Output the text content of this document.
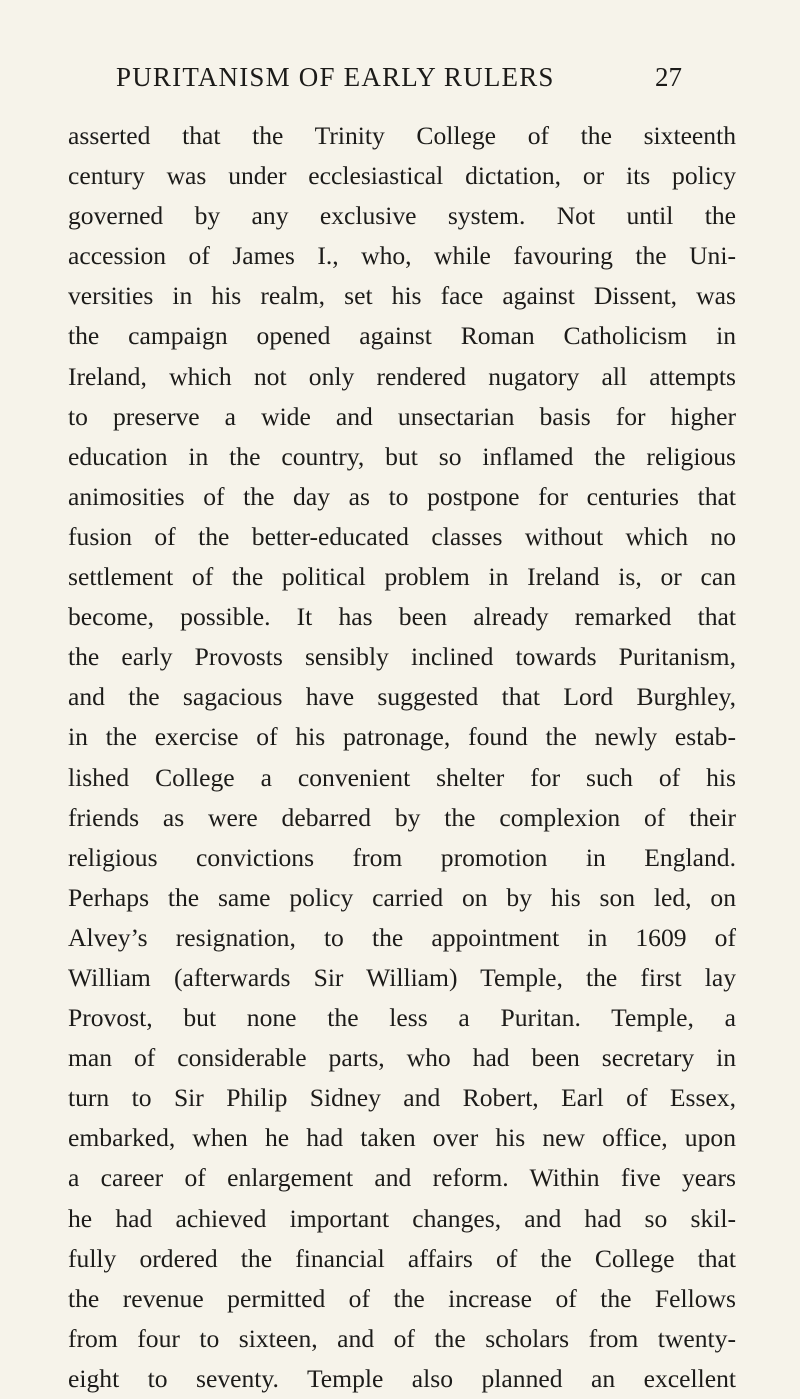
PURITANISM OF EARLY RULERS	27
asserted that the Trinity College of the sixteenth
century was under ecclesiastical dictation, or its policy
governed by any exclusive system. Not until the
accession of James I., who, while favouring the Uni-
versities in his realm, set his face against Dissent, was
the campaign opened against Roman Catholicism in
Ireland, which not only rendered nugatory all attempts
to preserve a wide and unsectarian basis for higher
education in the country, but so inflamed the religious
animosities of the day as to postpone for centuries that
fusion of the better-educated classes without which no
settlement of the political problem in Ireland is, or can
become, possible. It has been already remarked that
the early Provosts sensibly inclined towards Puritanism,
and the sagacious have suggested that Lord Burghley,
in the exercise of his patronage, found the newly estab-
lished College a convenient shelter for such of his
friends as were debarred by the complexion of their
religious convictions from promotion in England.
Perhaps the same policy carried on by his son led, on
Alvey’s resignation, to the appointment in 1609 of
William (afterwards Sir William) Temple, the first lay
Provost, but none the less a Puritan. Temple, a
man of considerable parts, who had been secretary in
turn to Sir Philip Sidney and Robert, Earl of Essex,
embarked, when he had taken over his new office, upon
a career of enlargement and reform. Within five years
he had achieved important changes, and had so skil-
fully ordered the financial affairs of the College that
the revenue permitted of the increase of the Fellows
from four to sixteen, and of the scholars from twenty-
eight to seventy. Temple also planned an excellent
